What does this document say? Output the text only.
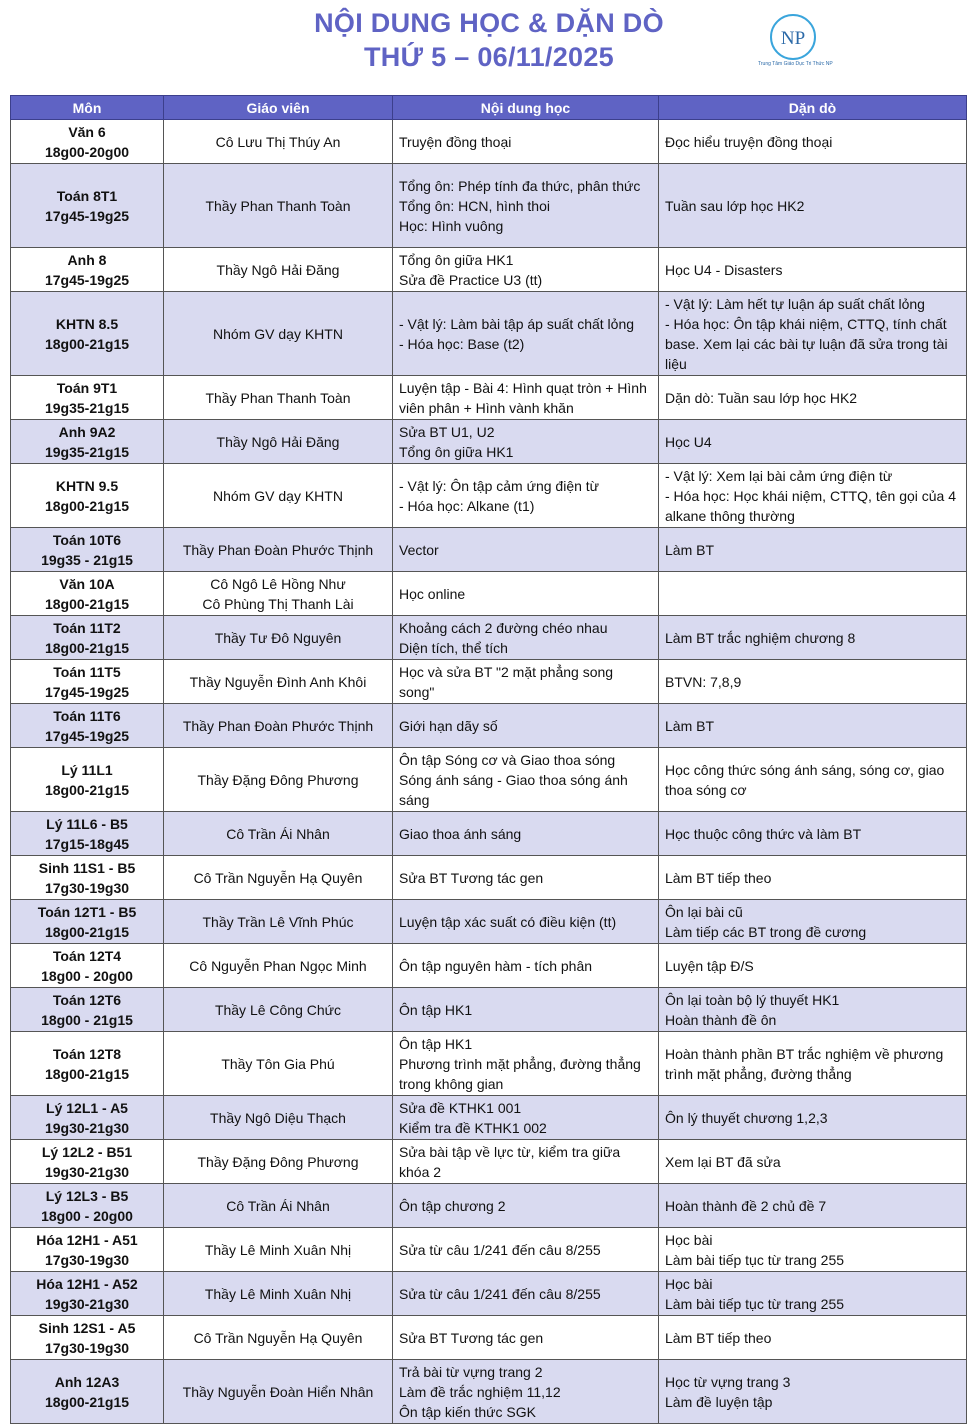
NỘI DUNG HỌC & DẶN DÒ
THỨ 5 – 06/11/2025
NP
Trung Tâm Giáo Dục Tri Thức NP
Môn	Giáo viên	Nội dung học	Dặn dò

Văn 6
18g00-20g00	Cô Lưu Thị Thúy An	Truyện đồng thoại	Đọc hiểu truyện đồng thoại

Toán 8T1
17g45-19g25	Thầy Phan Thanh Toàn	Tổng ôn: Phép tính đa thức, phân thức
Tổng ôn: HCN, hình thoi
Học: Hình vuông	Tuần sau lớp học HK2

Anh 8
17g45-19g25	Thầy Ngô Hải Đăng	Tổng ôn giữa HK1
Sửa đề Practice U3 (tt)	Học U4 - Disasters

KHTN 8.5
18g00-21g15	Nhóm GV dạy KHTN	- Vật lý: Làm bài tập áp suất chất lỏng
- Hóa học: Base (t2)	- Vật lý: Làm hết tự luận áp suất chất lỏng
- Hóa học: Ôn tập khái niệm, CTTQ, tính chất base. Xem lại các bài tự luận đã sửa trong tài liệu

Toán 9T1
19g35-21g15	Thầy Phan Thanh Toàn	Luyện tập - Bài 4: Hình quạt tròn + Hình viên phân + Hình vành khăn	Dặn dò: Tuần sau lớp học HK2

Anh 9A2
19g35-21g15	Thầy Ngô Hải Đăng	Sửa BT U1, U2
Tổng ôn giữa HK1	Học U4

KHTN 9.5
18g00-21g15	Nhóm GV dạy KHTN	- Vật lý: Ôn tập cảm ứng điện từ
- Hóa học: Alkane (t1)	- Vật lý: Xem lại bài cảm ứng điện từ
- Hóa học: Học khái niệm, CTTQ, tên gọi của 4 alkane thông thường

Toán 10T6
19g35 - 21g15	Thầy Phan Đoàn Phước Thịnh	Vector	Làm BT

Văn 10A
18g00-21g15	Cô Ngô Lê Hồng Như
Cô Phùng Thị Thanh Lài	Học online	

Toán 11T2
18g00-21g15	Thầy Tư Đô Nguyên	Khoảng cách 2 đường chéo nhau
Diện tích, thể tích	Làm BT trắc nghiệm chương 8

Toán 11T5
17g45-19g25	Thầy Nguyễn Đình Anh Khôi	Học và sửa BT "2 mặt phẳng song song"	BTVN: 7,8,9

Toán 11T6
17g45-19g25	Thầy Phan Đoàn Phước Thịnh	Giới hạn dãy số	Làm BT

Lý 11L1
18g00-21g15	Thầy Đặng Đông Phương	Ôn tập Sóng cơ và Giao thoa sóng
Sóng ánh sáng - Giao thoa sóng ánh sáng	Học công thức sóng ánh sáng, sóng cơ, giao thoa sóng cơ

Lý 11L6 - B5
17g15-18g45	Cô Trần Ái Nhân	Giao thoa ánh sáng	Học thuộc công thức và làm BT

Sinh 11S1 - B5
17g30-19g30	Cô Trần Nguyễn Hạ Quyên	Sửa BT Tương tác gen	Làm BT tiếp theo

Toán 12T1 - B5
18g00-21g15	Thầy Trần Lê Vĩnh Phúc	Luyện tập xác suất có điều kiện (tt)	Ôn lại bài cũ
Làm tiếp các BT trong đề cương

Toán 12T4
18g00 - 20g00	Cô Nguyễn Phan Ngọc Minh	Ôn tập nguyên hàm - tích phân	Luyện tập Đ/S

Toán 12T6
18g00 - 21g15	Thầy Lê Công Chức	Ôn tập HK1	Ôn lại toàn bộ lý thuyết HK1
Hoàn thành đề ôn

Toán 12T8
18g00-21g15	Thầy Tôn Gia Phú	Ôn tập HK1
Phương trình mặt phẳng, đường thẳng trong không gian	Hoàn thành phần BT trắc nghiệm về phương trình mặt phẳng, đường thẳng

Lý 12L1 - A5
19g30-21g30	Thầy Ngô Diệu Thạch	Sửa đề KTHK1 001
Kiểm tra đề KTHK1 002	Ôn lý thuyết chương 1,2,3

Lý 12L2 - B51
19g30-21g30	Thầy Đặng Đông Phương	Sửa bài tập về lực từ, kiểm tra giữa khóa 2	Xem lại BT đã sửa

Lý 12L3 - B5
18g00 - 20g00	Cô Trần Ái Nhân	Ôn tập chương 2	Hoàn thành đề 2 chủ đề 7

Hóa 12H1 - A51
17g30-19g30	Thầy Lê Minh Xuân Nhị	Sửa từ câu 1/241 đến câu 8/255	Học bài
Làm bài tiếp tục từ trang 255

Hóa 12H1 - A52
19g30-21g30	Thầy Lê Minh Xuân Nhị	Sửa từ câu 1/241 đến câu 8/255	Học bài
Làm bài tiếp tục từ trang 255

Sinh 12S1 - A5
17g30-19g30	Cô Trần Nguyễn Hạ Quyên	Sửa BT Tương tác gen	Làm BT tiếp theo

Anh 12A3
18g00-21g15	Thầy Nguyễn Đoàn Hiển Nhân	Trả bài từ vựng trang 2
Làm đề trắc nghiệm 11,12
Ôn tập kiến thức SGK	Học từ vựng trang 3
Làm đề luyện tập
